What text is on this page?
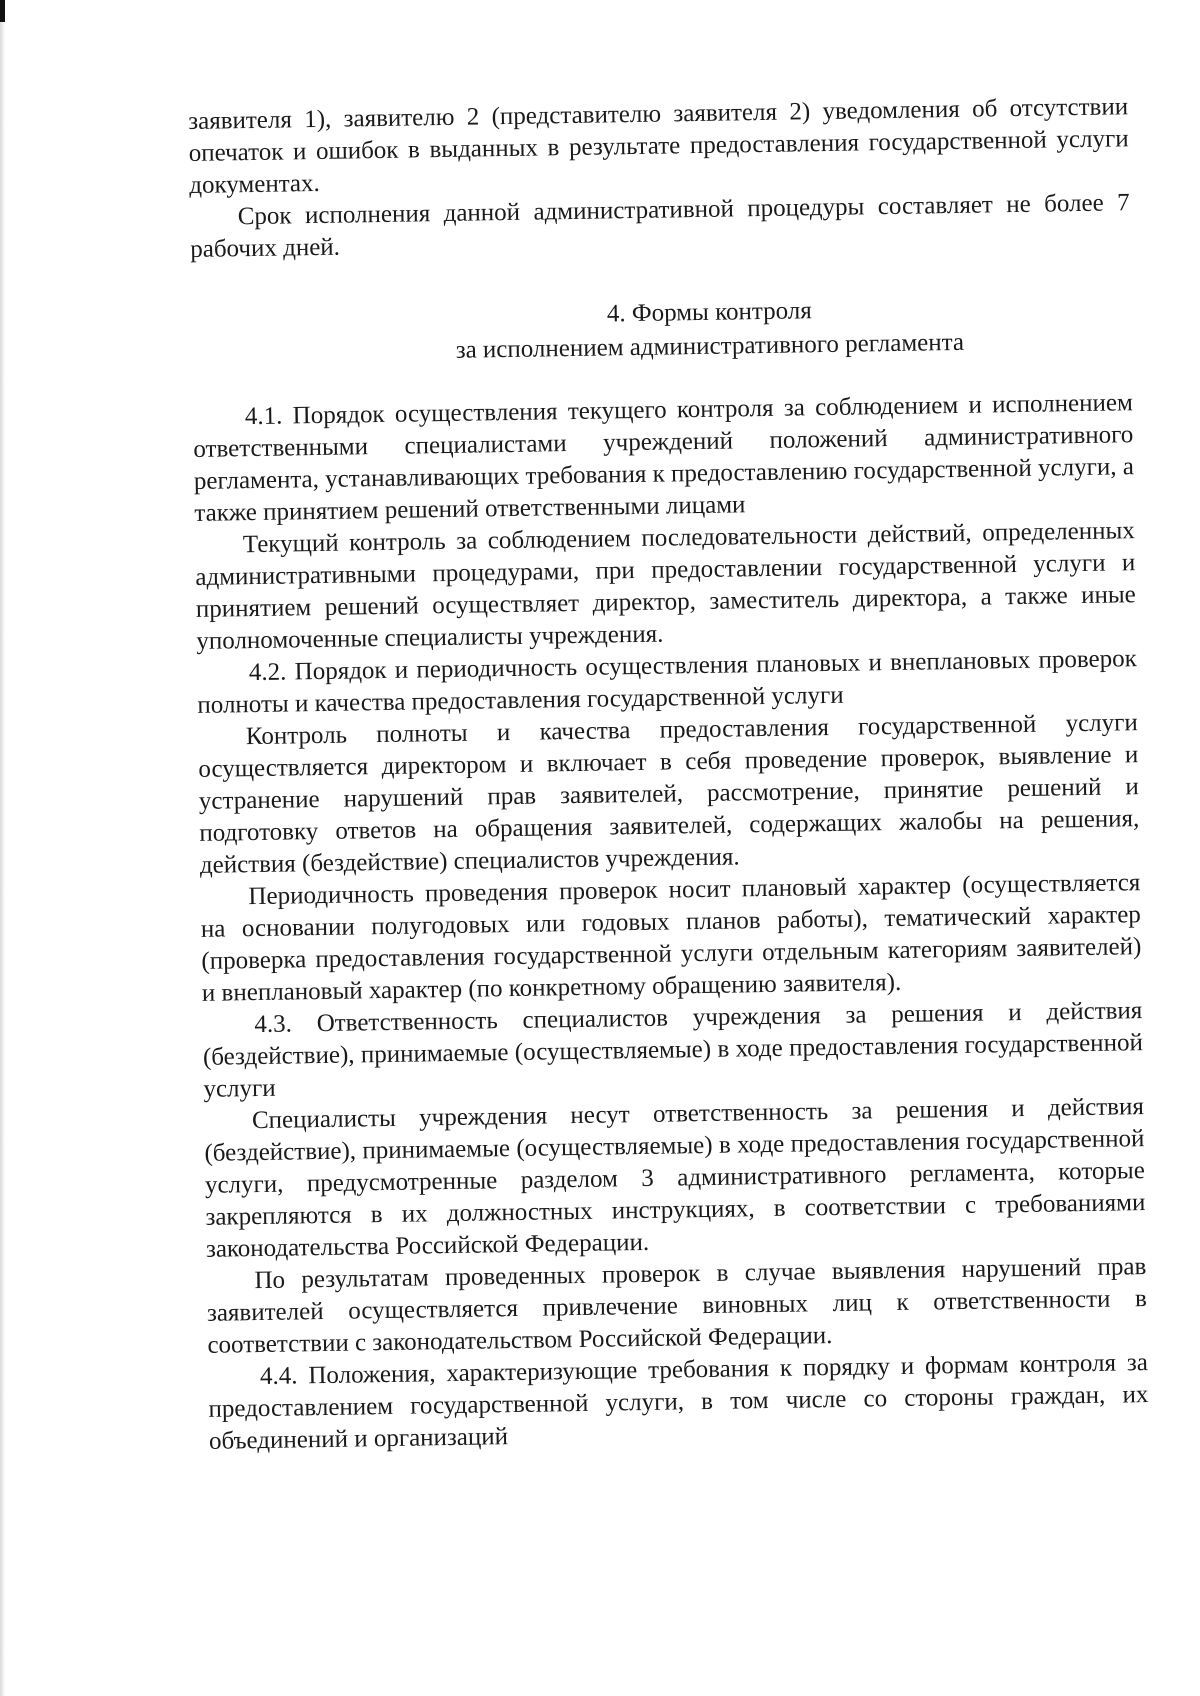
заявителя 1), заявителю 2 (представителю заявителя 2) уведомления об отсутствии опечаток и ошибок в выданных в результате предоставления государственной услуги документах.

Срок исполнения данной административной процедуры составляет не более 7 рабочих дней.

4. Формы контроля
за исполнением административного регламента

4.1. Порядок осуществления текущего контроля за соблюдением и исполнением ответственными специалистами учреждений положений административного регламента, устанавливающих требования к предоставлению государственной услуги, а также принятием решений ответственными лицами

Текущий контроль за соблюдением последовательности действий, определенных административными процедурами, при предоставлении государственной услуги и принятием решений осуществляет директор, заместитель директора, а также иные уполномоченные специалисты учреждения.

4.2. Порядок и периодичность осуществления плановых и внеплановых проверок полноты и качества предоставления государственной услуги

Контроль полноты и качества предоставления государственной услуги осуществляется директором и включает в себя проведение проверок, выявление и устранение нарушений прав заявителей, рассмотрение, принятие решений и подготовку ответов на обращения заявителей, содержащих жалобы на решения, действия (бездействие) специалистов учреждения.

Периодичность проведения проверок носит плановый характер (осуществляется на основании полугодовых или годовых планов работы), тематический характер (проверка предоставления государственной услуги отдельным категориям заявителей) и внеплановый характер (по конкретному обращению заявителя).

4.3. Ответственность специалистов учреждения за решения и действия (бездействие), принимаемые (осуществляемые) в ходе предоставления государственной услуги

Специалисты учреждения несут ответственность за решения и действия (бездействие), принимаемые (осуществляемые) в ходе предоставления государственной услуги, предусмотренные разделом 3 административного регламента, которые закрепляются в их должностных инструкциях, в соответствии с требованиями законодательства Российской Федерации.

По результатам проведенных проверок в случае выявления нарушений прав заявителей осуществляется привлечение виновных лиц к ответственности в соответствии с законодательством Российской Федерации.

4.4. Положения, характеризующие требования к порядку и формам контроля за предоставлением государственной услуги, в том числе со стороны граждан, их объединений и организаций
